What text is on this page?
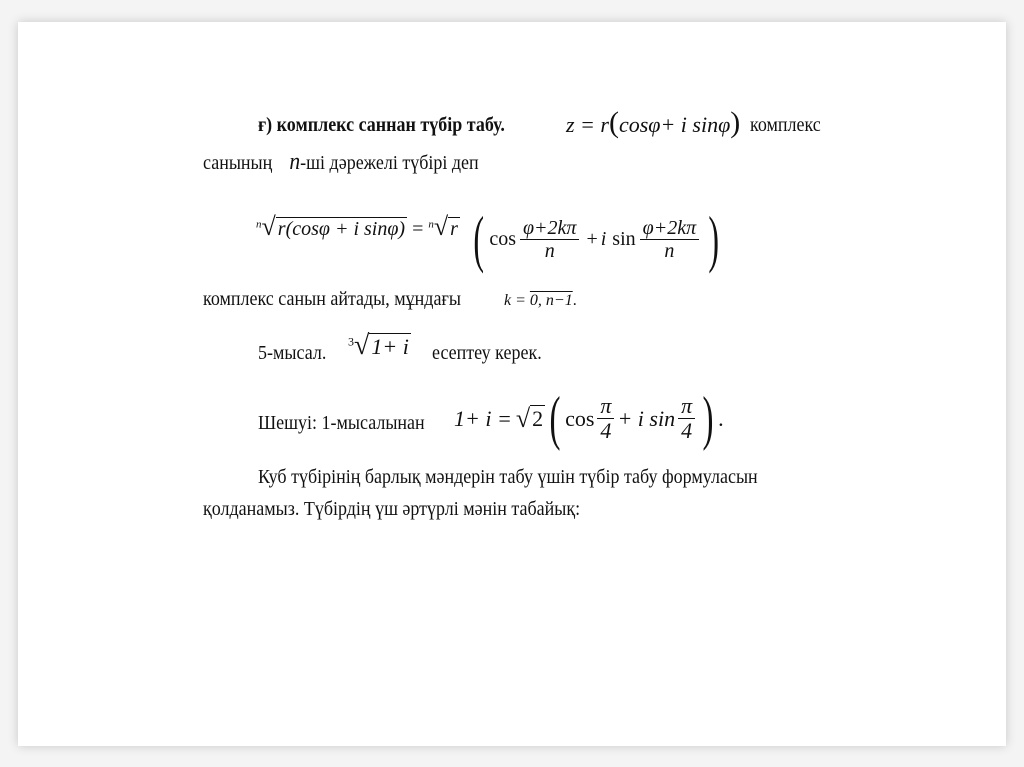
ғ) комплекс саннан түбір табу.	z = r(cosφ+ i sinφ) комплекс
санының n-ші дәрежелі түбірі деп
$^n$√ r(cosφ + i sinφ) = $^n$√ r ( $\cos \frac{\varphi+2k\pi}{n} + i$ $\sin \frac{\varphi+2k\pi}{n}$ )
комплекс санын айтады, мұндағы	k = 0, n−1.
5-мысал.
$^3$√1+ i есептеу керек.
Шешуі: 1-мысалынан 1+ i = √ 2 ( $\cos \frac{\pi}{4} + i$ $\sin \frac{\pi}{4}$ ) .
Куб түбірінің барлық мәндерін табу үшін түбір табу формуласын
қолданамыз. Түбірдің үш әртүрлі мәнін табайық:
